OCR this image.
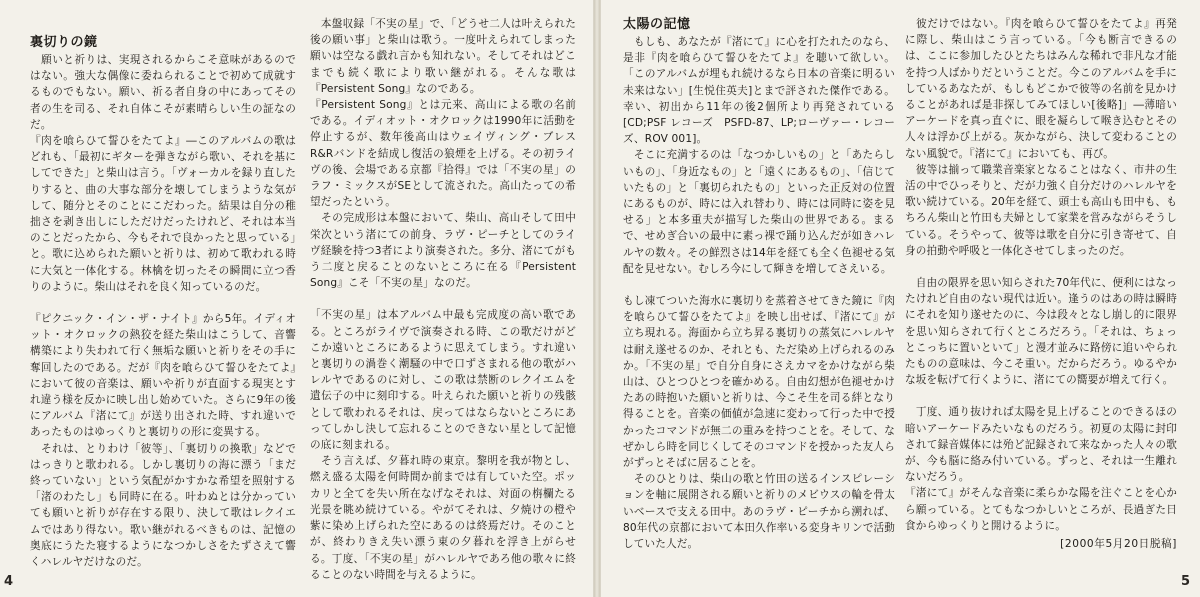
裏切りの鏡

　願いと祈りは、実現されるからこそ意味があるのではない。強大な偶像に委ねられることで初めて成就するものでもない。願い、祈る者自身の中にあってその者の生を司る、それ自体こそが素晴らしい生の証なのだ。

『肉を喰らひて誓ひをたてよ』―このアルバムの歌はどれも、「最初にギターを弾きながら歌い、それを基にしてできた」と柴山は言う。「ヴォーカルを録り直したりすると、曲の大事な部分を壊してしまうような気がして、随分とそのことにこだわった。結果は自分の稚拙さを剥き出しにしただけだったけれど、それは本当のことだったから、今もそれで良かったと思っている」と。歌に込められた願いと祈りは、初めて歌われる時に大気と一体化する。林檎を切ったその瞬間に立つ香りのように。柴山はそれを良く知っているのだ。

『ピクニック・イン・ザ・ナイト』から5年。イディオット・オクロックの熱狡を経た柴山はこうして、音響構築により失われて行く無垢な願いと祈りをその手に奪回したのである。だが『肉を喰らひて誓ひをたてよ』において彼の音楽は、願いや祈りが直面する現実とすれ違う様を反かに映し出し始めていた。さらに9年の後にアルバム『渚にて』が送り出された時、すれ違いであったものはゆっくりと裏切りの形に変異する。

　それは、とりわけ「彼等」、「裏切りの換歌」などではっきりと歌われる。しかし裏切りの海に漂う「まだ終っていない」という気配がかすかな希望を照射する「渚のわたし」も同時に在る。叶わぬとは分かっていても願いと祈りが存在する限り、決して歌はレクイエムではあり得ない。歌い継がれるべきものは、記憶の奥底にうたた寝するようになつかしさをたずさえて響くハレルヤだけなのだ。

　本盤収録「不実の星」で、「どうせ二人は叶えられた後の願い事」と柴山は歌う。一度叶えられてしまった願いは空なる戯れ言かも知れない。そしてそれはどこまでも続く歌により歌い継がれる。そんな歌は『Persistent Song』なのである。

『Persistent Song』とは元来、高山による歌の名前である。イディオット・オクロックは1990年に活動を停止するが、数年後高山はウェイヴィング・ブレスR&Rバンドを結成し復活の狼煙を上げる。その初ライヴの後、会場である京都『拾得』では「不実の星」のラフ・ミックスがSEとして流された。高山たっての希望だったという。

　その完成形は本盤において、柴山、高山そして田中栄次という渚にての前身、ラヴ・ピーチとしてのライヴ経験を持つ3者により演奏された。多分、渚にてがもう二度と戻ることのないところに在る『Persistent Song』こそ「不実の星」なのだ。

「不実の星」は本アルバム中最も完成度の高い歌である。ところがライヴで演奏される時、この歌だけがどこか遠いところにあるように思えてしまう。すれ違いと裏切りの渦巻く潮騒の中で口ずさまれる他の歌がハレルヤであるのに対し、この歌は禁断のレクイエムを遺伝子の中に刻印する。叶えられた願いと祈りの残骸として歌われるそれは、戻ってはならないところにあってしかし決して忘れることのできない星として記憶の底に刻まれる。

　そう言えば、夕暮れ時の東京。黎明を我が物とし、燃え盛る太陽を何時間か前までは有していた空。ポッカリと全てを失い所在なげなそれは、対面の栴欄たる光景を眺め続けている。やがてそれは、夕焼けの橙や紫に染め上げられた空にあるのは終焉だけ。そのことが、終わりきえ失い漂う東の夕暮れを浮き上がらせる。丁度、「不実の星」がハレルヤであろ他の歌々に終ることのない時間を与えるように。

4
太陽の記憶

　もしも、あなたが『渚にて』に心を打たれたのなら、是非『肉を喰らひて誓ひをたてよ』を聴いて欲しい。「このアルバムが埋もれ続けるなら日本の音楽に明るい未来はない」[生悦住英夫]とまで評された傑作である。幸い、初出から11年の後2個所より再発されている[CD;PSF レコーズ　PSFD-87、LP;ローヴァー・レコーズ、ROV 001]。

　そこに充満するのは「なつかしいもの」と「あたらしいもの」、「身近なもの」と「遠くにあるもの」、「信じていたもの」と「裏切られたもの」といった正反対の位置にあるものが、時には入れ替わり、時には同時に姿を見せる」と本多重夫が描写した柴山の世界である。まるで、せめぎ合いの最中に素っ裸で踊り込んだが如きハレルヤの数々。その鮮烈さは14年を経ても全く色褪せる気配を見せない。むしろ今にして輝きを増してさえいる。

もし凍てついた海水に裏切りを蒸着させてきた鏡に『肉を喰らひて誓ひをたてよ』を映し出せば、『渚にて』が立ち現れる。海面から立ち昇る裏切りの蒸気にハレルヤは耐え遂せるのか、それとも、ただ染め上げられるのみか。「不実の星」で自分自身にさえカマをかけながら柴山は、ひとつひとつを確かめる。自由幻想が色褪せかけたあの時抱いた願いと祈りは、今こそ生を司る絆となり得ることを。音楽の価値が急速に変わって行った中で授かったコマンドが無二の重みを持つことを。そして、なぜかしら時を同じくしてそのコマンドを授かった友人らがずっとそばに居ることを。

　そのひとりは、柴山の歌と竹田の送るインスピレーションを軸に展開される願いと祈りのメビウスの輪を骨太いベースで支える田中。あのラヴ・ピーチから溯れば、80年代の京都において本田久作率いる変身キリンで活動していた人だ。

　彼だけではない。『肉を喰らひて誓ひをたてよ』再発に際し、柴山はこう言っている。「今も断言できるのは、ここに参加したひとたちはみんな稀れで非凡な才能を持つ人ばかりだということだ。今このアルバムを手にしているあなたが、もしもどこかで彼等の名前を見かけることがあれば是非探してみてほしい[後略]」―薄暗いアーケードを真っ直ぐに、眼を凝らして喉き込むとその人々は浮かび上がる。灰かながら、決して変わることのない風貌で。『渚にて』においても、再び。

　彼等は揃って職業音楽家となることはなく、市井の生活の中でひっそりと、だが力強く自分だけのハレルヤを歌い続けている。20年を経て、頭士も高山も田中も、もちろん柴山と竹田も夫婦として家業を営みながらそうしている。そうやって、彼等は歌を自分に引き寄せて、自身の拍動や呼吸と一体化させてしまったのだ。

　自由の限界を思い知らされた70年代に、便利にはなったけれど自由のない現代は近い。逢うのはあの時は瞬時にそれを知り遂せたのに、今は段々となし崩し的に限界を思い知らされて行くところだろう。「それは、ちょっとこっちに置いといて」と漫才並みに路傍に追いやられたものの意味は、今こそ重い。だからだろう。ゆるやかな坂を転げて行くように、渚にての嚮要が増えて行く。

　丁度、通り抜ければ太陽を見上げることのできるほの暗いアーケードみたいなものだろう。初夏の太陽に封印されて録音媒体には殆ど記録されて来なかった人々の歌が、今も脳に絡み付いている。ずっと、それは一生離れないだろう。

『渚にて』がそんな音楽に柔らかな陽を注ぐことを心から願っている。とてもなつかしいところが、長過ぎた日食からゆっくりと開けるように。

[2000年5月20日脱稿]
5
